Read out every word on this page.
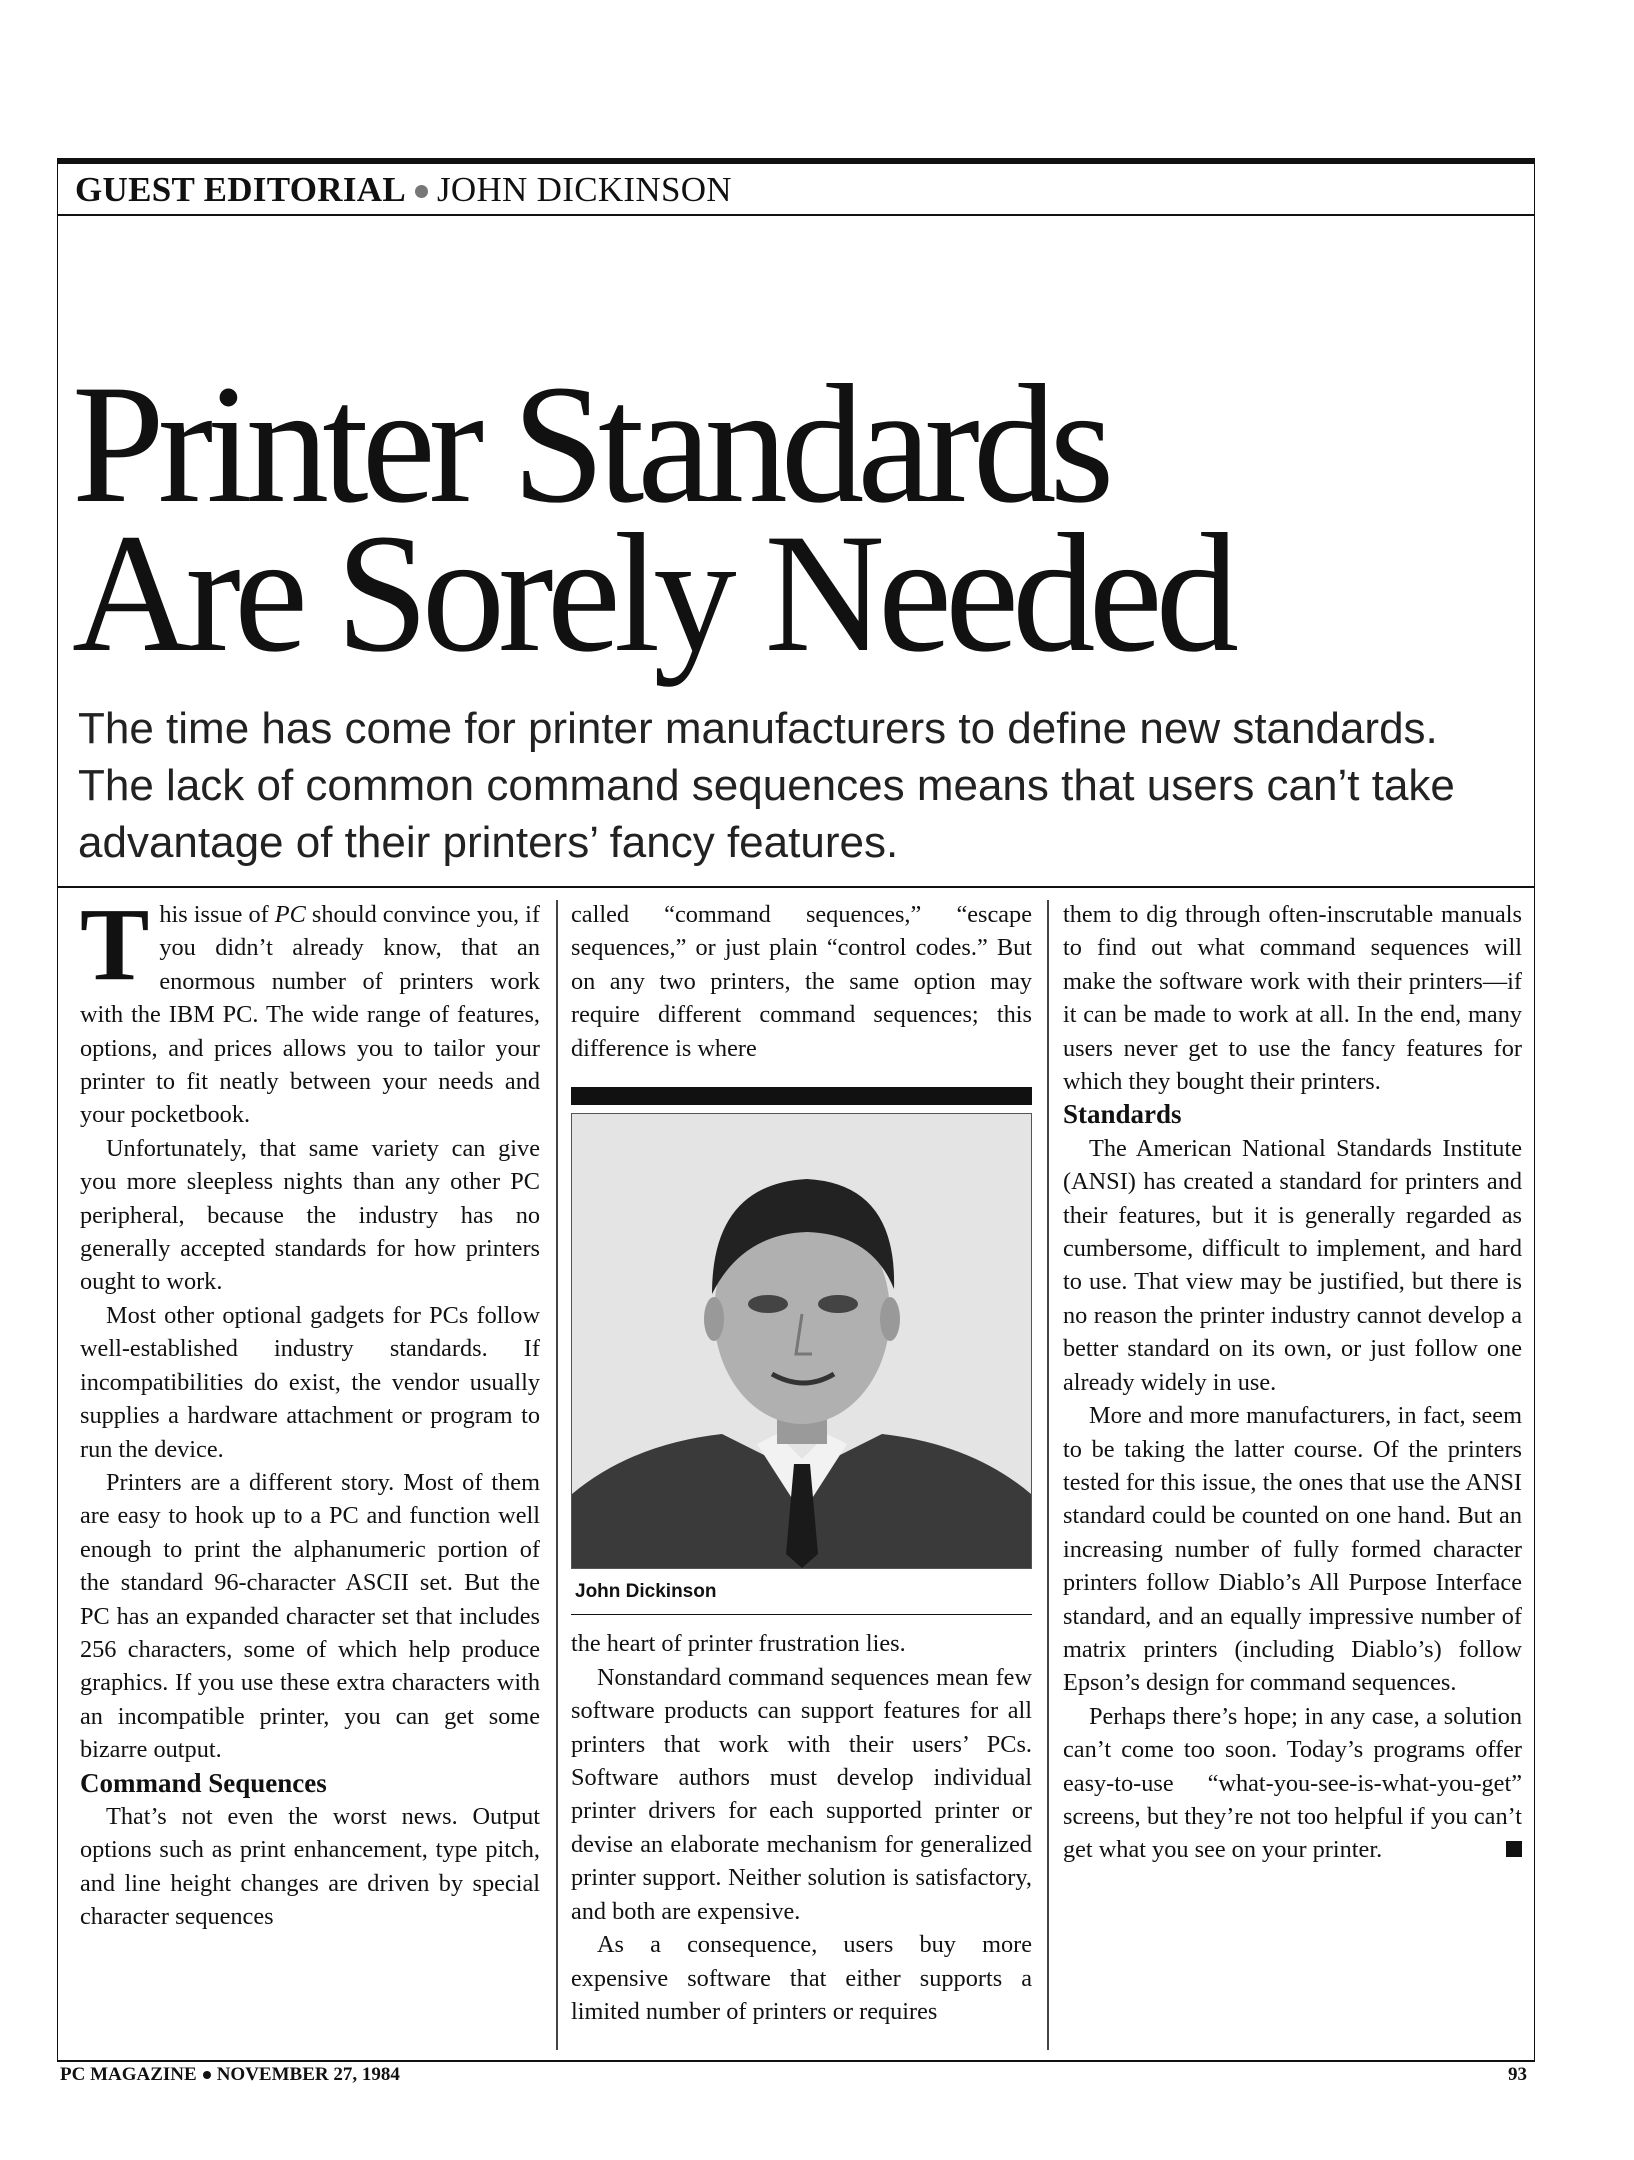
GUEST EDITORIAL JOHN DICKINSON
Printer Standards
Are Sorely Needed
The time has come for printer manufacturers to define new standards. The lack of common command sequences means that users can’t take advantage of their printers’ fancy features.

This issue of PC should convince you, if you didn’t already know, that an enormous number of printers work with the IBM PC. The wide range of features, options, and prices allows you to tailor your printer to fit neatly between your needs and your pocketbook.

Unfortunately, that same variety can give you more sleepless nights than any other PC peripheral, because the industry has no generally accepted standards for how printers ought to work.

Most other optional gadgets for PCs follow well-established industry standards. If incompatibilities do exist, the vendor usually supplies a hardware attachment or program to run the device.

Printers are a different story. Most of them are easy to hook up to a PC and function well enough to print the alphanumeric portion of the standard 96-character ASCII set. But the PC has an expanded character set that includes 256 characters, some of which help produce graphics. If you use these extra characters with an incompatible printer, you can get some bizarre output.

Command Sequences

That’s not even the worst news. Output options such as print enhancement, type pitch, and line height changes are driven by special character sequences

called “command sequences,” “escape sequences,” or just plain “control codes.” But on any two printers, the same option may require different command sequences; this difference is where

John Dickinson

the heart of printer frustration lies.

Nonstandard command sequences mean few software products can support features for all printers that work with their users’ PCs. Software authors must develop individual printer drivers for each supported printer or devise an elaborate mechanism for generalized printer support. Neither solution is satisfactory, and both are expensive.

As a consequence, users buy more expensive software that either supports a limited number of printers or requires

them to dig through often-inscrutable manuals to find out what command sequences will make the software work with their printers—if it can be made to work at all. In the end, many users never get to use the fancy features for which they bought their printers.

Standards

The American National Standards Institute (ANSI) has created a standard for printers and their features, but it is generally regarded as cumbersome, difficult to implement, and hard to use. That view may be justified, but there is no reason the printer industry cannot develop a better standard on its own, or just follow one already widely in use.

More and more manufacturers, in fact, seem to be taking the latter course. Of the printers tested for this issue, the ones that use the ANSI standard could be counted on one hand. But an increasing number of fully formed character printers follow Diablo’s All Purpose Interface standard, and an equally impressive number of matrix printers (including Diablo’s) follow Epson’s design for command sequences.

Perhaps there’s hope; in any case, a solution can’t come too soon. Today’s programs offer easy-to-use “what-you-see-is-what-you-get” screens, but they’re not too helpful if you can’t get what you see on your printer.

PC MAGAZINE NOVEMBER 27, 1984	93
